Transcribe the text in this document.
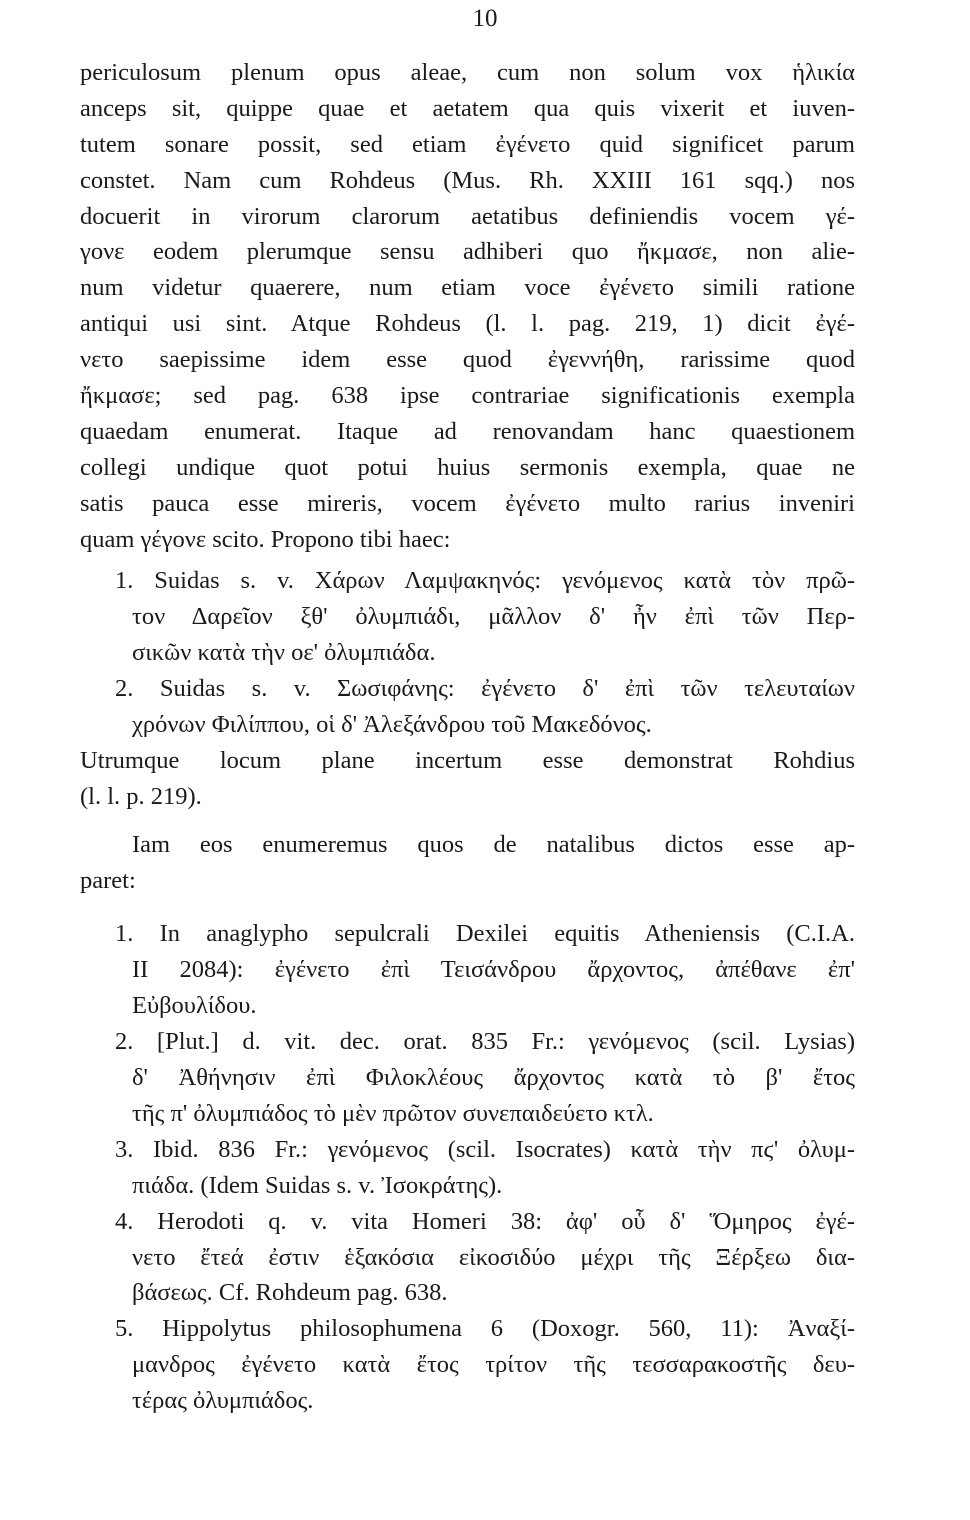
10
periculosum plenum opus aleae, cum non solum vox ἡλικία
anceps sit, quippe quae et aetatem qua quis vixerit et iuven-
tutem sonare possit, sed etiam ἐγένετο quid significet parum
constet. Nam cum Rohdeus (Mus. Rh. XXIII 161 sqq.) nos
docuerit in virorum clarorum aetatibus definiendis vocem γέ-
γονε eodem plerumque sensu adhiberi quo ἤκμασε, non alie-
num videtur quaerere, num etiam voce ἐγένετο simili ratione
antiqui usi sint. Atque Rohdeus (l. l. pag. 219, 1) dicit ἐγέ-
νετο saepissime idem esse quod ἐγεννήθη, rarissime quod
ἤκμασε; sed pag. 638 ipse contrariae significationis exempla
quaedam enumerat. Itaque ad renovandam hanc quaestionem
collegi undique quot potui huius sermonis exempla, quae ne
satis pauca esse mireris, vocem ἐγένετο multo rarius inveniri
quam γέγονε scito. Propono tibi haec:
1. Suidas s. v. Χάρων Λαμψακηνός: γενόμενος κατὰ τὸν πρῶ-
τον Δαρεῖον ξθ' ὀλυμπιάδι, μᾶλλον δ' ἦν ἐπὶ τῶν Περ-
σικῶν κατὰ τὴν οε' ὀλυμπιάδα.
2. Suidas s. v. Σωσιφάνης: ἐγένετο δ' ἐπὶ τῶν τελευταίων
χρόνων Φιλίππου, οἱ δ' Ἀλεξάνδρου τοῦ Μακεδόνος.
Utrumque locum plane incertum esse demonstrat Rohdius
(l. l. p. 219).
Iam eos enumeremus quos de natalibus dictos esse ap-
paret:
1. In anaglypho sepulcrali Dexilei equitis Atheniensis (C.I.A.
II 2084): ἐγένετο ἐπὶ Τεισάνδρου ἄρχοντος, ἀπέθανε ἐπ'
Εὐβουλίδου.
2. [Plut.] d. vit. dec. orat. 835 Fr.: γενόμενος (scil. Lysias)
δ' Ἀθήνησιν ἐπὶ Φιλοκλέους ἄρχοντος κατὰ τὸ β' ἔτος
τῆς π' ὀλυμπιάδος τὸ μὲν πρῶτον συνεπαιδεύετο κτλ.
3. Ibid. 836 Fr.: γενόμενος (scil. Isocrates) κατὰ τὴν πϛ' ὀλυμ-
πιάδα. (Idem Suidas s. v. Ἰσοκράτης).
4. Herodoti q. v. vita Homeri 38: ἀφ' οὗ δ' Ὅμηρος ἐγέ-
νετο ἔτεά ἐστιν ἑξακόσια εἰκοσιδύο μέχρι τῆς Ξέρξεω δια-
βάσεως. Cf. Rohdeum pag. 638.
5. Hippolytus philosophumena 6 (Doxogr. 560, 11): Ἀναξί-
μανδρος ἐγένετο κατὰ ἔτος τρίτον τῆς τεσσαρακοστῆς δευ-
τέρας ὀλυμπιάδος.
